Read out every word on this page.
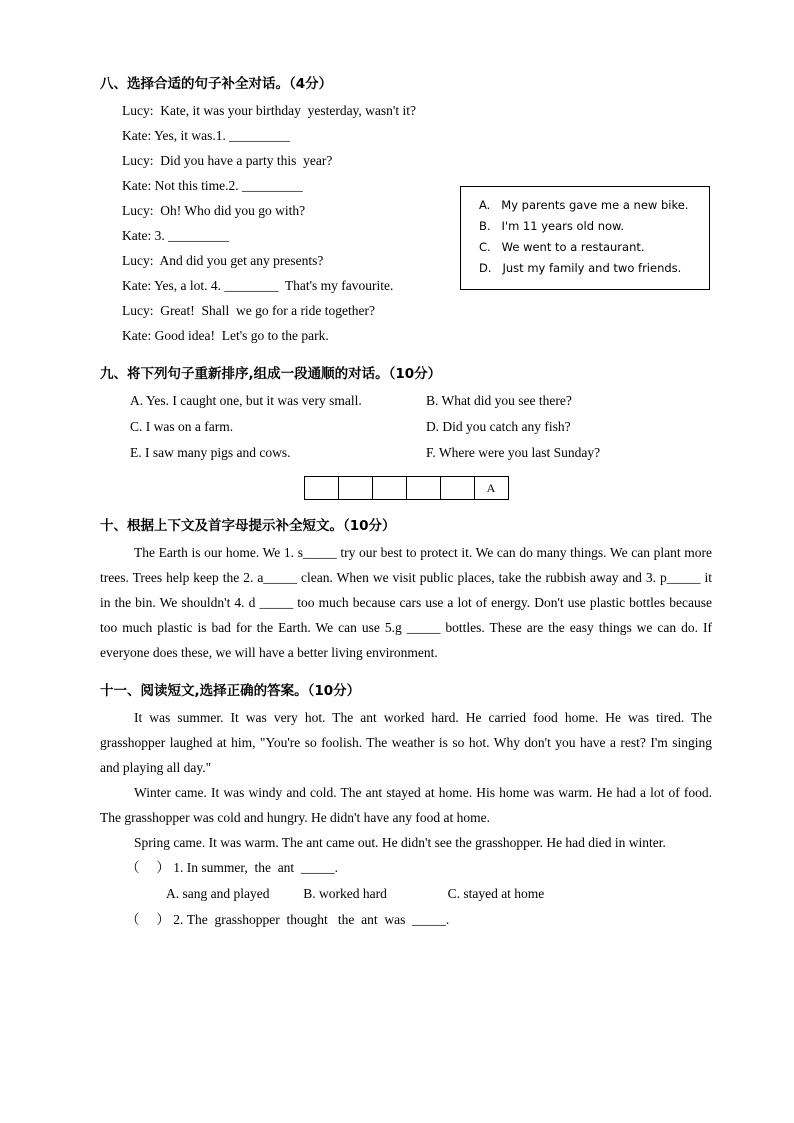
八、选择合适的句子补全对话。（4分）
Lucy:  Kate, it was your birthday  yesterday, wasn't it?
Kate: Yes, it was.1. _________
Lucy:  Did you have a party this  year?
Kate: Not this time.2. _________
Lucy:  Oh! Who did you go with?
Kate: 3. _________
Lucy:  And did you get any presents?
Kate: Yes, a lot. 4. ________  That's my favourite.
Lucy:  Great!  Shall  we go for a ride together?
Kate: Good idea!  Let's go to the park.
A.   My parents gave me a new bike.
B.   I'm 11 years old now.
C.   We went to a restaurant.
D.   Just my family and two friends.
九、将下列句子重新排序,组成一段通顺的对话。（10分）
A. Yes. I caught one, but it was very small.	B. What did you see there?
C. I was on a farm.	D. Did you catch any fish?
E. I saw many pigs and cows.	F. Where were you last Sunday?
A
十、根据上下文及首字母提示补全短文。（10分）

The Earth is our home. We 1. s_____ try our best to protect it. We can do many things. We can plant more trees. Trees help keep the 2. a_____ clean. When we visit public places, take the rubbish away and 3. p_____ it in the bin. We shouldn't 4. d _____ too much because cars use a lot of energy. Don't use plastic bottles because too much plastic is bad for the Earth. We can use 5.g _____ bottles. These are the easy things we can do. If everyone does these, we will have a better living environment.

十一、阅读短文,选择正确的答案。（10分）

It was summer. It was very hot. The ant worked hard. He carried food home. He was tired. The grasshopper laughed at him, "You're so foolish. The weather is so hot. Why don't you have a rest? I'm singing and playing all day."

Winter came. It was windy and cold. The ant stayed at home. His home was warm. He had a lot of food. The grasshopper was cold and hungry. He didn't have any food at home.

Spring came. It was warm. The ant came out. He didn't see the grasshopper. He had died in winter.

（     ） 1. In summer,  the  ant  _____.
A. sang and played          B. worked hard                  C. stayed at home
（     ） 2. The  grasshopper  thought   the  ant  was  _____.
